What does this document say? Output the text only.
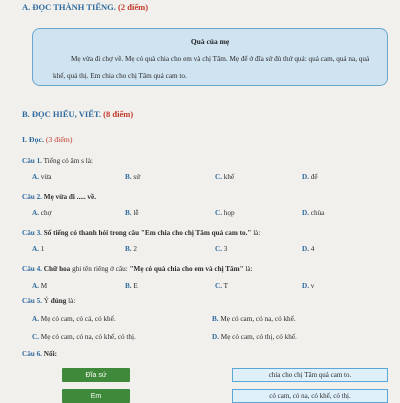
A. ĐỌC THÀNH TIẾNG. (2 điểm)
Quà của mẹ
Mẹ vừa đi chợ về. Mẹ có quà chia cho em và chị Tâm. Mẹ để ở đĩa sứ đủ thứ quả: quả cam, quả na, quả khế, quả thị. Em chia cho chị Tâm quả cam to.
B. ĐỌC HIỂU, VIẾT. (8 điểm)
I. Đọc. (3 điểm)
Câu 1. Tiếng có âm s là:
A. vừa	B. sứ	C. khế	D. để
Câu 2. Mẹ vừa đi ..... về.
A. chợ	B. lễ	C. họp	D. chùa
Câu 3. Số tiếng có thanh hỏi trong câu "Em chia cho chị Tâm quả cam to." là:
A. 1	B. 2	C. 3	D. 4
Câu 4. Chữ hoa ghi tên riêng ở câu: "Mẹ có quà chia cho em và chị Tâm" là:
A. M	B. E	C. T	D. v
Câu 5. Ý đúng là:
A. Mẹ có cam, có cá, có khế.	B. Mẹ có cam, có na, có khế.
C. Mẹ có cam, có na, có khế, có thị.	D. Mẹ có cam, có thị, có khế.
Câu 6. Nối:
Đĩa sứ	chia cho chị Tâm quả cam to.
Em	có cam, có na, có khế, có thị.
